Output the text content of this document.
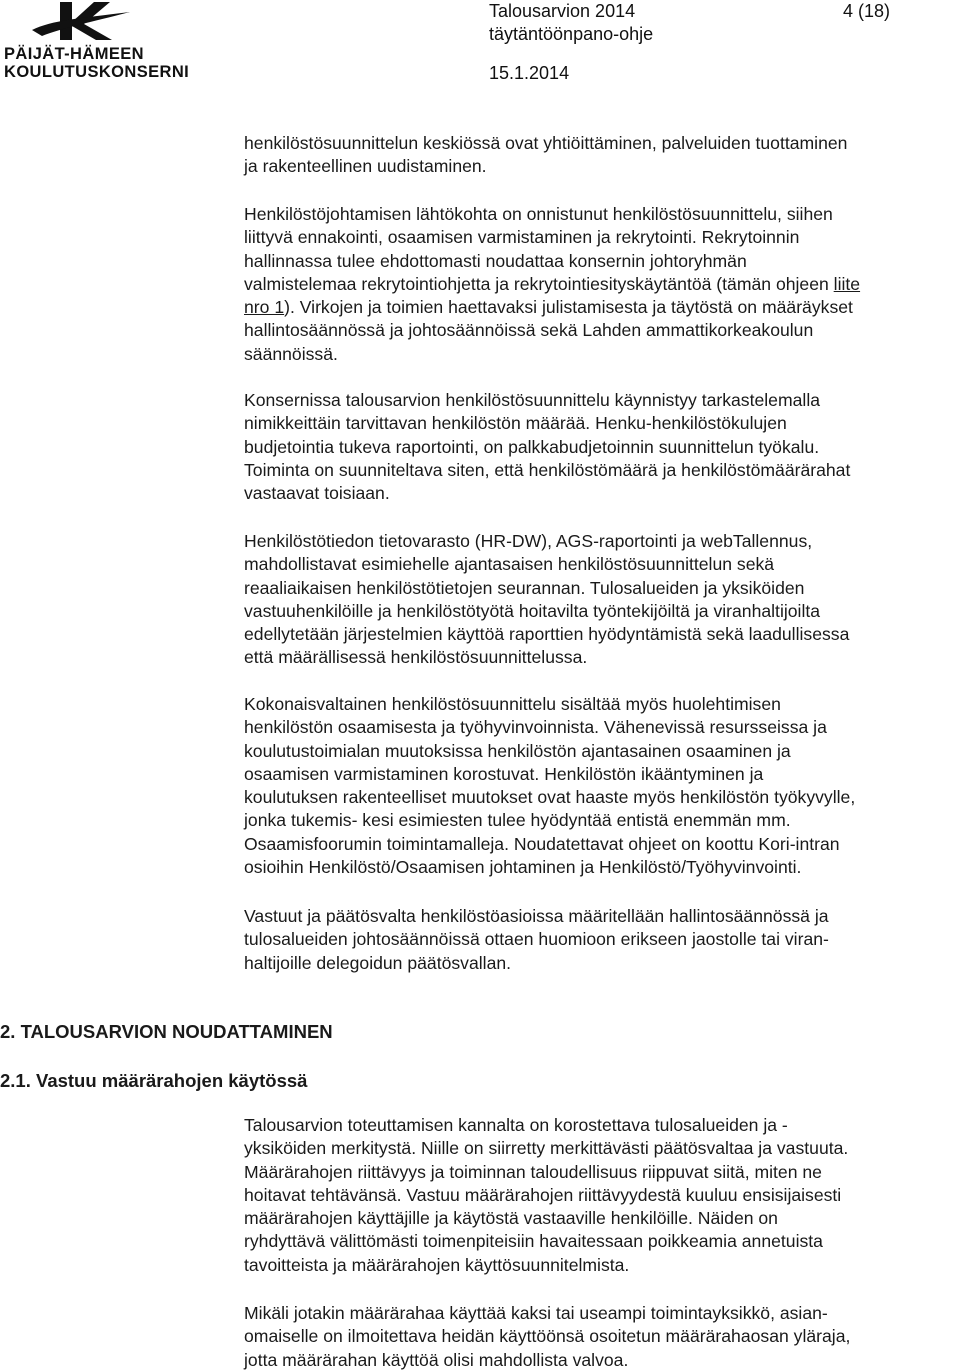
PÄIJÄT-HÄMEEN
KOULUTUSKONSERNI
Talousarvion 2014
täytäntöönpano-ohje
15.1.2014
4 (18)

henkilöstösuunnittelun keskiössä ovat yhtiöittäminen, palveluiden tuottaminen

ja rakenteellinen uudistaminen.

Henkilöstöjohtamisen lähtökohta on onnistunut henkilöstösuunnittelu, siihen

liittyvä ennakointi, osaamisen varmistaminen ja rekrytointi. Rekrytoinnin

hallinnassa tulee ehdottomasti noudattaa konsernin johtoryhmän

valmistelemaa rekrytointiohjetta ja rekrytointiesityskäytäntöä (tämän ohjeen liite

nro 1). Virkojen ja toimien haettavaksi julistamisesta ja täytöstä on määräykset

hallintosäännössä ja johtosäännöissä sekä Lahden ammattikorkeakoulun

säännöissä.

Konsernissa talousarvion henkilöstösuunnittelu käynnistyy tarkastelemalla

nimikkeittäin tarvittavan henkilöstön määrää. Henku-henkilöstökulujen

budjetointia tukeva raportointi, on palkkabudjetoinnin suunnittelun työkalu.

Toiminta on suunniteltava siten, että henkilöstömäärä ja henkilöstömäärärahat

vastaavat toisiaan.

Henkilöstötiedon tietovarasto (HR-DW), AGS-raportointi ja webTallennus,

mahdollistavat esimiehelle ajantasaisen henkilöstösuunnittelun sekä

reaaliaikaisen henkilöstötietojen seurannan. Tulosalueiden ja yksiköiden

vastuuhenkilöille ja henkilöstötyötä hoitavilta työntekijöiltä ja viranhaltijoilta

edellytetään järjestelmien käyttöä raporttien hyödyntämistä sekä laadullisessa

että määrällisessä henkilöstösuunnittelussa.

Kokonaisvaltainen henkilöstösuunnittelu sisältää myös huolehtimisen

henkilöstön osaamisesta ja työhyvinvoinnista. Vähenevissä resursseissa ja

koulutustoimialan muutoksissa henkilöstön ajantasainen osaaminen ja

osaamisen varmistaminen korostuvat. Henkilöstön ikääntyminen ja

koulutuksen rakenteelliset muutokset ovat haaste myös henkilöstön työkyvylle,

jonka tukemis- kesi esimiesten tulee hyödyntää entistä enemmän mm.

Osaamisfoorumin toimintamalleja. Noudatettavat ohjeet on koottu Kori-intran

osioihin Henkilöstö/Osaamisen johtaminen ja Henkilöstö/Työhyvinvointi.

Vastuut ja päätösvalta henkilöstöasioissa määritellään hallintosäännössä ja

tulosalueiden johtosäännöissä ottaen huomioon erikseen jaostolle tai viran-

haltijoille delegoidun päätösvallan.

2. TALOUSARVION NOUDATTAMINEN
2.1. Vastuu määrärahojen käytössä

Talousarvion toteuttamisen kannalta on korostettava tulosalueiden ja -

yksiköiden merkitystä. Niille on siirretty merkittävästi päätösvaltaa ja vastuuta.

Määrärahojen riittävyys ja toiminnan taloudellisuus riippuvat siitä, miten ne

hoitavat tehtävänsä. Vastuu määrärahojen riittävyydestä kuuluu ensisijaisesti

määrärahojen käyttäjille ja käytöstä vastaaville henkilöille. Näiden on

ryhdyttävä välittömästi toimenpiteisiin havaitessaan poikkeamia annetuista

tavoitteista ja määrärahojen käyttösuunnitelmista.

Mikäli jotakin määrärahaa käyttää kaksi tai useampi toimintayksikkö, asian-

omaiselle on ilmoitettava heidän käyttöönsä osoitetun määrärahaosan yläraja,

jotta määrärahan käyttöä olisi mahdollista valvoa.
